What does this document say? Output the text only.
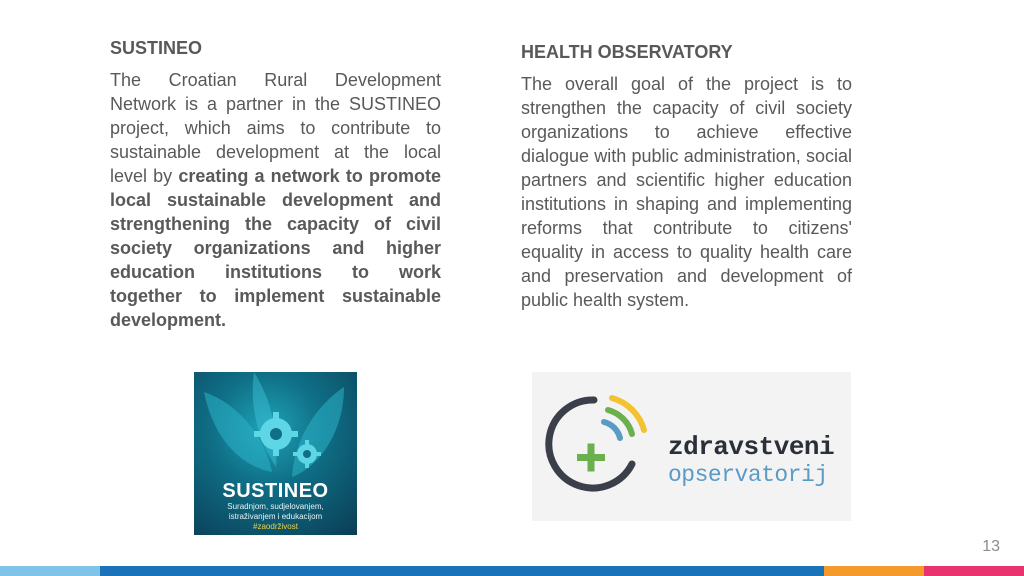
SUSTINEO

The Croatian Rural Development Network is a partner in the SUSTINEO project, which aims to contribute to sustainable development at the local level by creating a network to promote local sustainable development and strengthening the capacity of civil society organizations and higher education institutions to work together to implement sustainable development.

HEALTH OBSERVATORY

The overall goal of the project is to strengthen the capacity of civil society organizations to achieve effective dialogue with public administration, social partners and scientific higher education institutions in shaping and implementing reforms that contribute to citizens' equality in access to quality health care and preservation and development of public health system.

SUSTINEO
Suradnjom, sudjelovanjem,
istraživanjem i edukacijom
#zaodrživost
zdravstveni
opservatorij
13
